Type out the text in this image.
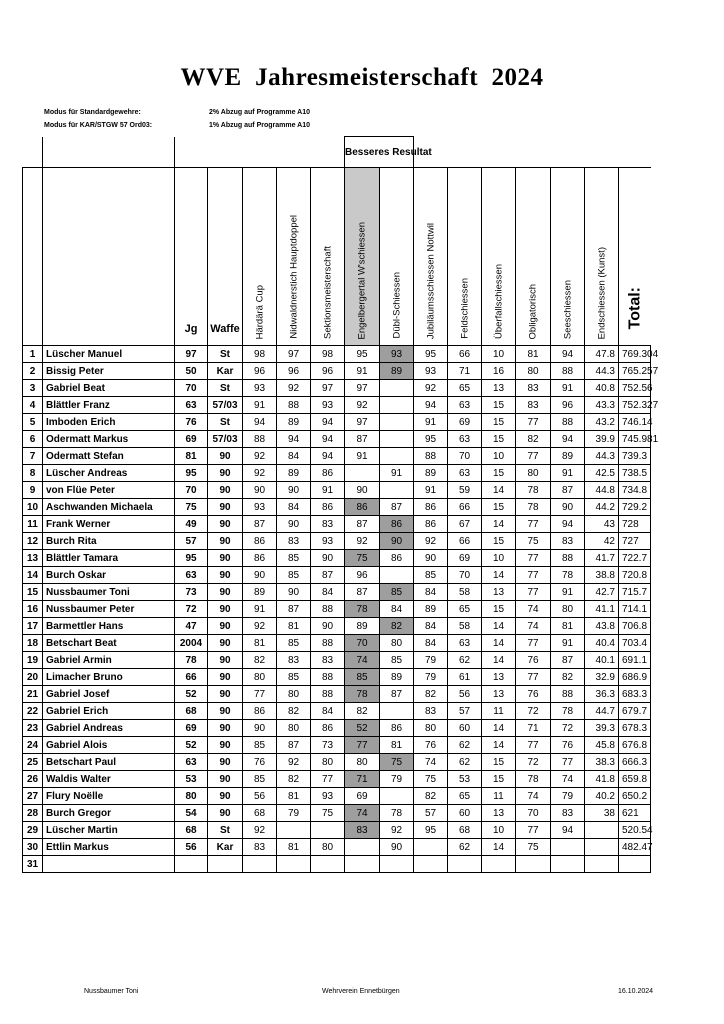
WVE  Jahresmeisterschaft  2024
Modus für Standardgewehre:	2% Abzug auf Programme A10
Modus für KAR/STGW 57 Ord03:	1% Abzug auf Programme A10
							Besseres Resultat									

		Jg	Waffe	Härdärä Cup	Nidwaldnerstich Hauptdoppel	Sektionsmeisterschaft	Engelbergertal W'schiessen	Dübl-Schiessen	Jubiläumsschiessen Nottwil	Feldschiessen	Überfallschiessen	Obligatorisch	Seeschiessen	Endschiessen (Kunst)	Total:	

1	Lüscher Manuel	97	St	98	97	98	95	93	95	66	10	81	94	47.8	769.304	
2	Bissig Peter	50	Kar	96	96	96	91	89	93	71	16	80	88	44.3	765.257	
3	Gabriel Beat	70	St	93	92	97	97		92	65	13	83	91	40.8	752.56	
4	Blättler Franz	63	57/03	91	88	93	92		94	63	15	83	96	43.3	752.327	
5	Imboden Erich	76	St	94	89	94	97		91	69	15	77	88	43.2	746.14	
6	Odermatt Markus	69	57/03	88	94	94	87		95	63	15	82	94	39.9	745.981	
7	Odermatt Stefan	81	90	92	84	94	91		88	70	10	77	89	44.3	739.3	
8	Lüscher Andreas	95	90	92	89	86		91	89	63	15	80	91	42.5	738.5	
9	von Flüe Peter	70	90	90	90	91	90		91	59	14	78	87	44.8	734.8	
10	Aschwanden Michaela	75	90	93	84	86	86	87	86	66	15	78	90	44.2	729.2	
11	Frank Werner	49	90	87	90	83	87	86	86	67	14	77	94	43	728	
12	Burch Rita	57	90	86	83	93	92	90	92	66	15	75	83	42	727	
13	Blättler Tamara	95	90	86	85	90	75	86	90	69	10	77	88	41.7	722.7	
14	Burch Oskar	63	90	90	85	87	96		85	70	14	77	78	38.8	720.8	
15	Nussbaumer Toni	73	90	89	90	84	87	85	84	58	13	77	91	42.7	715.7	
16	Nussbaumer Peter	72	90	91	87	88	78	84	89	65	15	74	80	41.1	714.1	
17	Barmettler Hans	47	90	92	81	90	89	82	84	58	14	74	81	43.8	706.8	
18	Betschart Beat	2004	90	81	85	88	70	80	84	63	14	77	91	40.4	703.4	
19	Gabriel Armin	78	90	82	83	83	74	85	79	62	14	76	87	40.1	691.1	
20	Limacher Bruno	66	90	80	85	88	85	89	79	61	13	77	82	32.9	686.9	
21	Gabriel Josef	52	90	77	80	88	78	87	82	56	13	76	88	36.3	683.3	
22	Gabriel Erich	68	90	86	82	84	82		83	57	11	72	78	44.7	679.7	
23	Gabriel Andreas	69	90	90	80	86	52	86	80	60	14	71	72	39.3	678.3	
24	Gabriel Alois	52	90	85	87	73	77	81	76	62	14	77	76	45.8	676.8	
25	Betschart Paul	63	90	76	92	80	80	75	74	62	15	72	77	38.3	666.3	
26	Waldis Walter	53	90	85	82	77	71	79	75	53	15	78	74	41.8	659.8	
27	Flury Noëlle	80	90	56	81	93	69		82	65	11	74	79	40.2	650.2	
28	Burch Gregor	54	90	68	79	75	74	78	57	60	13	70	83	38	621	
29	Lüscher Martin	68	St	92			83	92	95	68	10	77	94		520.54	
30	Ettlin Markus	56	Kar	83	81	80		90		62	14	75			482.47	
31																
Nussbaumer Toni	Wehrverein Ennetbürgen	16.10.2024
